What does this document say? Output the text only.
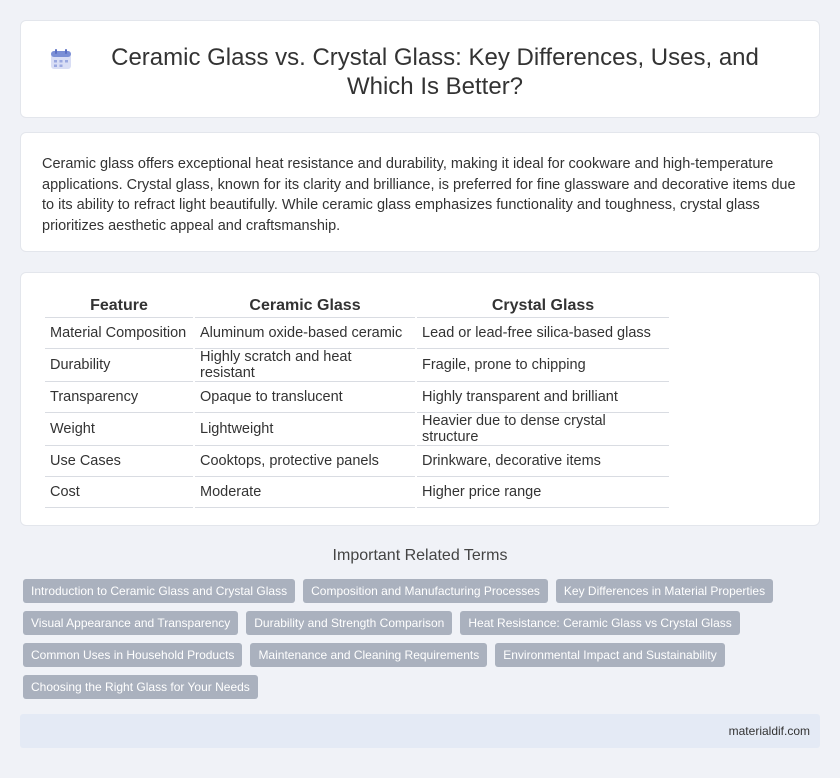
Ceramic Glass vs. Crystal Glass: Key Differences, Uses, and Which Is Better?

Ceramic glass offers exceptional heat resistance and durability, making it ideal for cookware and high-temperature applications. Crystal glass, known for its clarity and brilliance, is preferred for fine glassware and decorative items due to its ability to refract light beautifully. While ceramic glass emphasizes functionality and toughness, crystal glass prioritizes aesthetic appeal and craftsmanship.

Feature	Ceramic Glass	Crystal Glass
Material Composition	Aluminum oxide-based ceramic	Lead or lead-free silica-based glass
Durability	Highly scratch and heat resistant	Fragile, prone to chipping
Transparency	Opaque to translucent	Highly transparent and brilliant
Weight	Lightweight	Heavier due to dense crystal structure
Use Cases	Cooktops, protective panels	Drinkware, decorative items
Cost	Moderate	Higher price range
Important Related Terms
Introduction to Ceramic Glass and Crystal Glass	Composition and Manufacturing Processes	Key Differences in Material Properties
Visual Appearance and Transparency	Durability and Strength Comparison	Heat Resistance: Ceramic Glass vs Crystal Glass
Common Uses in Household Products	Maintenance and Cleaning Requirements	Environmental Impact and Sustainability
Choosing the Right Glass for Your Needs
materialdif.com
